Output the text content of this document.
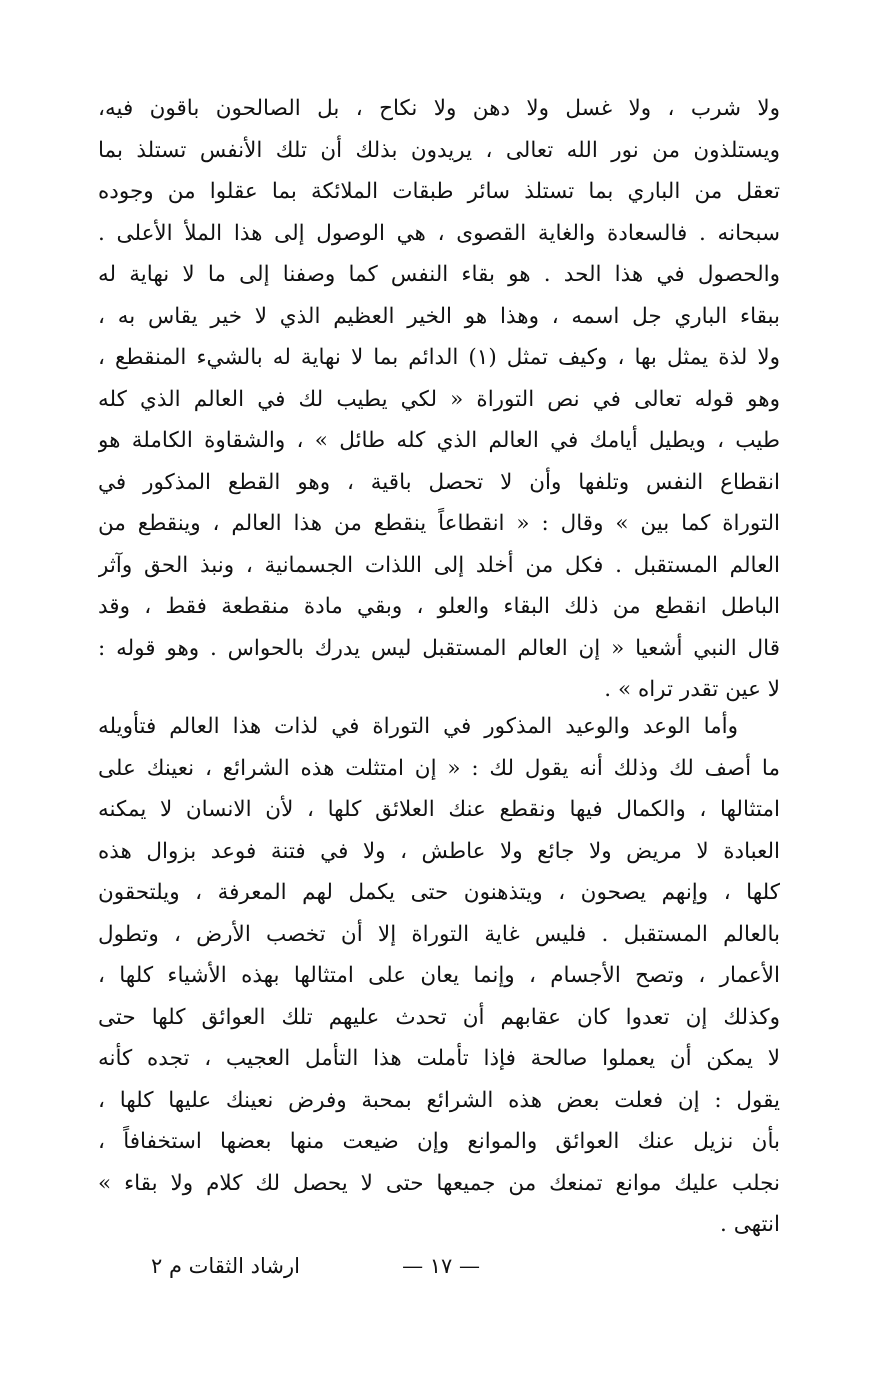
ولا شرب ، ولا غسل ولا دهن ولا نكاح ، بل الصالحون باقون فيه،
ويستلذون من نور الله تعالى ، يريدون بذلك أن تلك الأنفس تستلذ بما
تعقل من الباري بما تستلذ سائر طبقات الملائكة بما عقلوا من وجوده
سبحانه . فالسعادة والغاية القصوى ، هي الوصول إلى هذا الملأ الأعلى .
والحصول في هذا الحد . هو بقاء النفس كما وصفنا إلى ما لا نهاية له
ببقاء الباري جل اسمه ، وهذا هو الخير العظيم الذي لا خير يقاس به ،
ولا لذة يمثل بها ، وكيف تمثل (١) الدائم بما لا نهاية له بالشيء المنقطع ،
وهو قوله تعالى في نص التوراة « لكي يطيب لك في العالم الذي كله
طيب ، ويطيل أيامك في العالم الذي كله طائل » ، والشقاوة الكاملة هو
انقطاع النفس وتلفها وأن لا تحصل باقية ، وهو القطع المذكور في
التوراة كما بين » وقال : « انقطاعاً ينقطع من هذا العالم ، وينقطع من
العالم المستقبل . فكل من أخلد إلى اللذات الجسمانية ، ونبذ الحق وآثر
الباطل انقطع من ذلك البقاء والعلو ، وبقي مادة منقطعة فقط ، وقد
قال النبي أشعيا « إن العالم المستقبل ليس يدرك بالحواس . وهو قوله :
لا عين تقدر تراه » .
وأما الوعد والوعيد المذكور في التوراة في لذات هذا العالم فتأويله
ما أصف لك وذلك أنه يقول لك : « إن امتثلت هذه الشرائع ، نعينك على
امتثالها ، والكمال فيها ونقطع عنك العلائق كلها ، لأن الانسان لا يمكنه
العبادة لا مريض ولا جائع ولا عاطش ، ولا في فتنة فوعد بزوال هذه
كلها ، وإنهم يصحون ، ويتذهنون حتى يكمل لهم المعرفة ، ويلتحقون
بالعالم المستقبل . فليس غاية التوراة إلا أن تخصب الأرض ، وتطول
الأعمار ، وتصح الأجسام ، وإنما يعان على امتثالها بهذه الأشياء كلها ،
وكذلك إن تعدوا كان عقابهم أن تحدث عليهم تلك العوائق كلها حتى
لا يمكن أن يعملوا صالحة فإذا تأملت هذا التأمل العجيب ، تجده كأنه
يقول : إن فعلت بعض هذه الشرائع بمحبة وفرض نعينك عليها كلها ،
بأن نزيل عنك العوائق والموانع وإن ضيعت منها بعضها استخفافاً ،
نجلب عليك موانع تمنعك من جميعها حتى لا يحصل لك كلام ولا بقاء »
انتهى .
ارشاد الثقات م ٢	— ١٧ —
